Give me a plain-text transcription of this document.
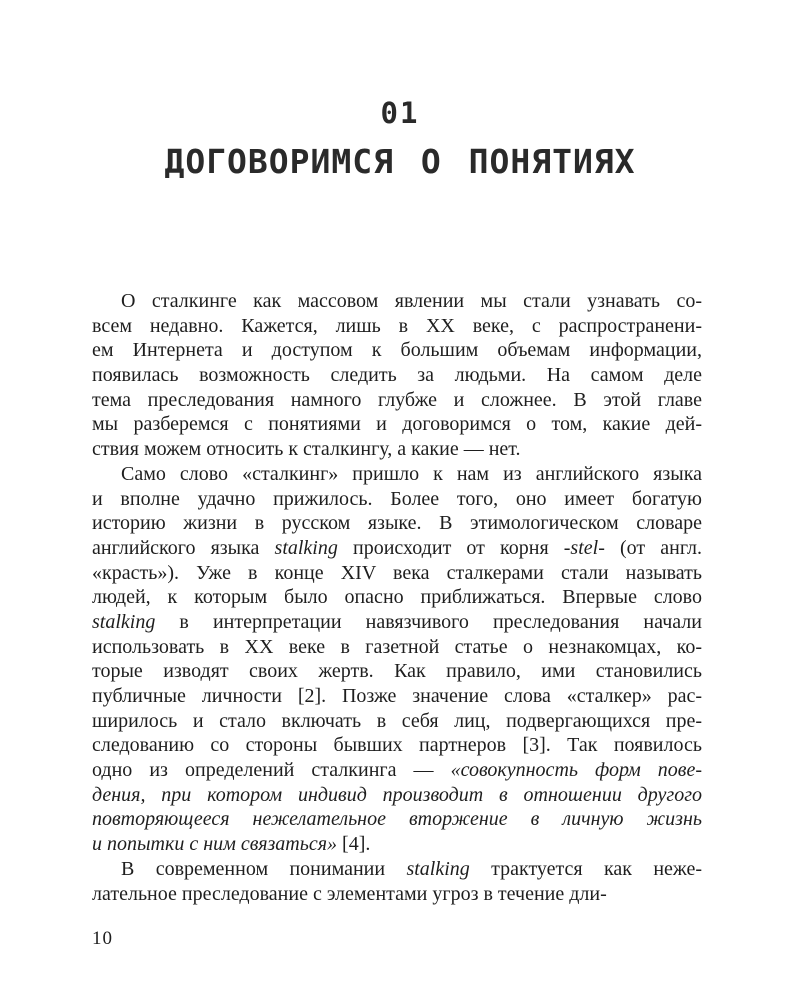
01
ДОГОВОРИМСЯ О ПОНЯТИЯХ
О сталкинге как массовом явлении мы стали узнавать со-
всем недавно. Кажется, лишь в XX веке, с распространени-
ем Интернета и доступом к большим объемам информации,
появилась возможность следить за людьми. На самом деле
тема преследования намного глубже и сложнее. В этой главе
мы разберемся с понятиями и договоримся о том, какие дей-
ствия можем относить к сталкингу, а какие — нет.
Само слово «сталкинг» пришло к нам из английского языка
и вполне удачно прижилось. Более того, оно имеет богатую
историю жизни в русском языке. В этимологическом словаре
английского языка stalking происходит от корня -stel- (от англ.
«красть»). Уже в конце XIV века сталкерами стали называть
людей, к которым было опасно приближаться. Впервые слово
stalking в интерпретации навязчивого преследования начали
использовать в XX веке в газетной статье о незнакомцах, ко-
торые изводят своих жертв. Как правило, ими становились
публичные личности [2]. Позже значение слова «сталкер» рас-
ширилось и стало включать в себя лиц, подвергающихся пре-
следованию со стороны бывших партнеров [3]. Так появилось
одно из определений сталкинга — «совокупность форм пове-
дения, при котором индивид производит в отношении другого
повторяющееся нежелательное вторжение в личную жизнь
и попытки с ним связаться» [4].
В современном понимании stalking трактуется как неже-
лательное преследование с элементами угроз в течение дли-
10
